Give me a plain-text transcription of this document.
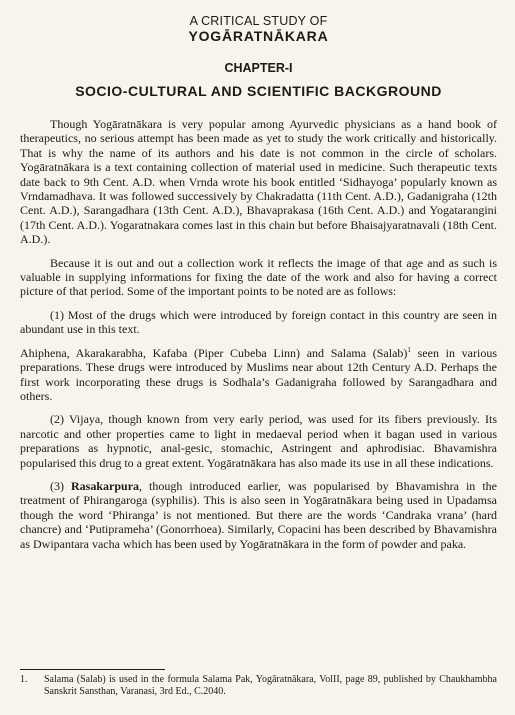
A CRITICAL STUDY OF
YOGĀRATNĀKARA
CHAPTER-I
SOCIO-CULTURAL AND SCIENTIFIC BACKGROUND

Though Yogāratnākara is very popular among Ayurvedic physicians as a hand book of therapeutics, no serious attempt has been made as yet to study the work critically and historically. That is why the name of its authors and his date is not common in the circle of scholars. Yogāratnākara is a text containing collection of material used in medicine. Such therapeutic texts date back to 9th Cent. A.D. when Vrnda wrote his book entitled ‘Sidhayoga’ popularly known as Vrndamadhava. It was followed successively by Chakradatta (11th Cent. A.D.), Gadanigraha (12th Cent. A.D.), Sarangadhara (13th Cent. A.D.), Bhavaprakasa (16th Cent. A.D.) and Yogatarangini (17th Cent. A.D.). Yogaratnakara comes last in this chain but before Bhaisajyaratnavali (18th Cent. A.D.).

Because it is out and out a collection work it reflects the image of that age and as such is valuable in supplying informations for fixing the date of the work and also for having a correct picture of that period. Some of the important points to be noted are as follows:

(1) Most of the drugs which were introduced by foreign contact in this country are seen in abundant use in this text.

Ahiphena, Akarakarabha, Kafaba (Piper Cubeba Linn) and Salama (Salab)$^1$ seen in various preparations. These drugs were introduced by Muslims near about 12th Century A.D. Perhaps the first work incorporating these drugs is Sodhala’s Gadanigraha followed by Sarangadhara and others.

(2) Vijaya, though known from very early period, was used for its fibers previously. Its narcotic and other properties came to light in medaeval period when it bagan used in various preparations as hypnotic, anal-gesic, stomachic, Astringent and aphrodisiac. Bhavamishra popularised this drug to a great extent. Yogāratnākara has also made its use in all these indications.

(3) Rasakarpura, though introduced earlier, was popularised by Bhavamishra in the treatment of Phirangaroga (syphilis). This is also seen in Yogāratnākara being used in Upadamsa though the word ‘Phiranga’ is not mentioned. But there are the words ‘Candraka vrana’ (hard chancre) and ‘Putiprameha’ (Gonorrhoea). Similarly, Copacini has been described by Bhavamishra as Dwipantara vacha which has been used by Yogāratnākara in the form of powder and paka.

1.	Salama (Salab) is used in the formula Salama Pak, Yogāratnākara, VolII, page 89, published by Chaukhambha Sanskrit Sansthan, Varanasi, 3rd Ed., C.2040.
